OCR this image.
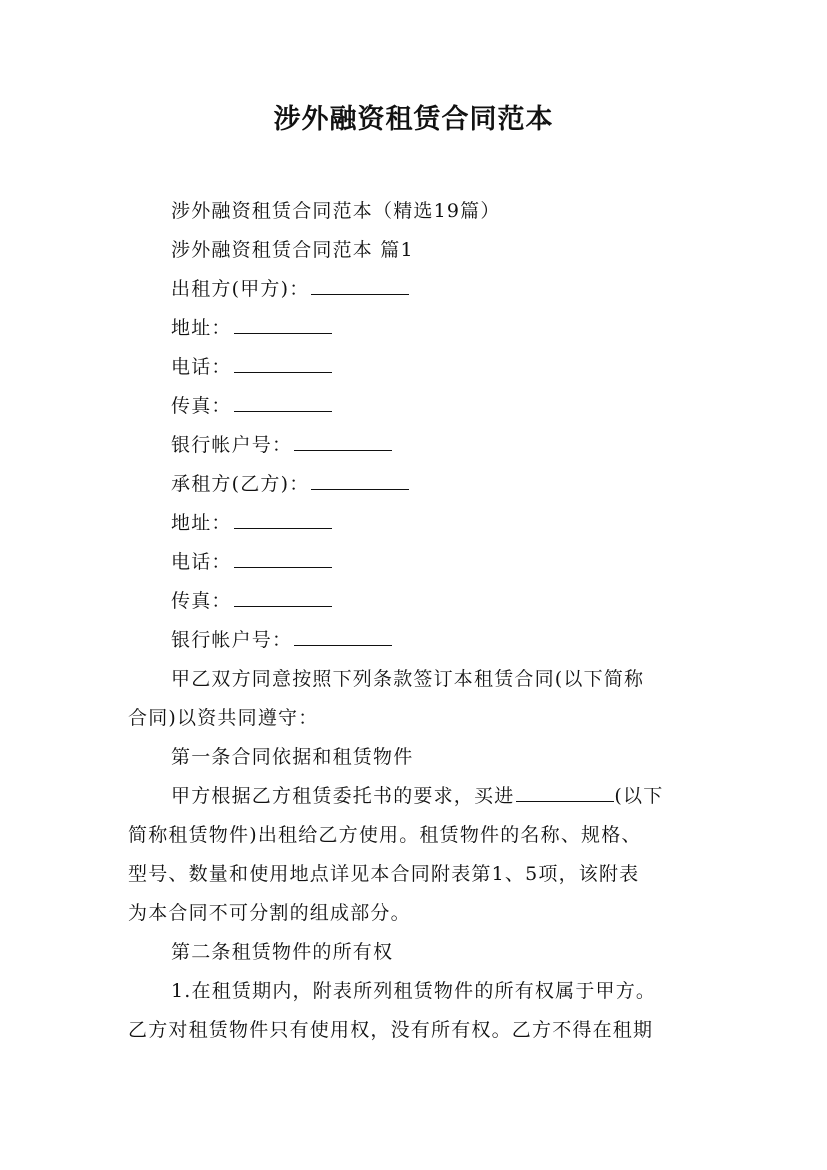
涉外融资租赁合同范本
涉外融资租赁合同范本（精选19篇）
涉外融资租赁合同范本 篇1
出租方(甲方)：
地址：
电话：
传真：
银行帐户号：
承租方(乙方)：
地址：
电话：
传真：
银行帐户号：
甲乙双方同意按照下列条款签订本租赁合同(以下简称
合同)以资共同遵守：
第一条合同依据和租赁物件
甲方根据乙方租赁委托书的要求，买进	(以下
简称租赁物件)出租给乙方使用。租赁物件的名称、规格、
型号、数量和使用地点详见本合同附表第1、5项，该附表
为本合同不可分割的组成部分。
第二条租赁物件的所有权
1.在租赁期内，附表所列租赁物件的所有权属于甲方。
乙方对租赁物件只有使用权，没有所有权。乙方不得在租期
